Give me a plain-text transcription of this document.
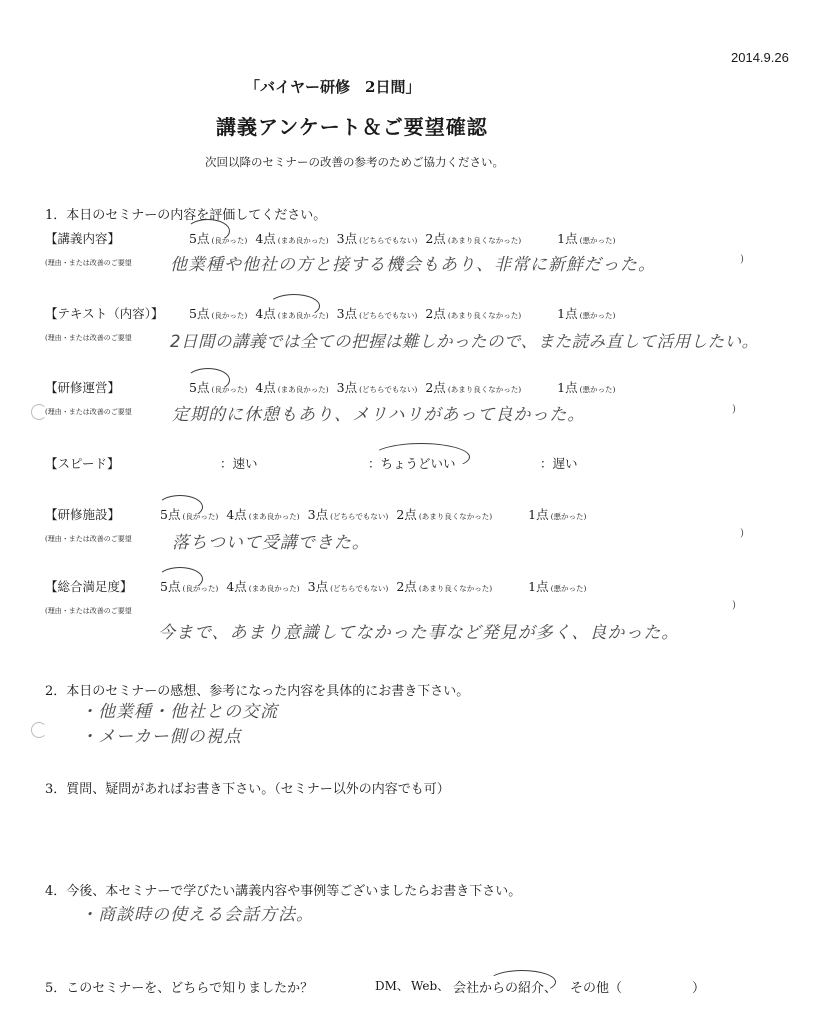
2014.9.26
「バイヤー研修　2日間」
講義アンケート＆ご要望確認
次回以降のセミナーの改善の参考のためご協力ください。
1．本日のセミナーの内容を評価してください。
【講義内容】	5点 (良かった) 4点 (まあ良かった) 3点 (どちらでもない) 2点 (あまり良くなかった)	1点 (悪かった)
(理由・または改善のご要望 他業種や他社の方と接する機会もあり、非常に新鮮だった。	)
【テキスト（内容）】 5点 (良かった) 4点 (まあ良かった) 3点 (どちらでもない) 2点 (あまり良くなかった)	1点 (悪かった)
(理由・または改善のご要望 2日間の講義では全ての把握は難しかったので、また読み直して活用したい。
【研修運営】	5点 (良かった) 4点 (まあ良かった) 3点 (どちらでもない) 2点 (あまり良くなかった)	1点 (悪かった)
(理由・または改善のご要望 定期的に休憩もあり、メリハリがあって良かった。	)
【スピード】	：速い	：ちょうどいい	：遅い
【研修施設】	5点 (良かった) 4点 (まあ良かった) 3点 (どちらでもない) 2点 (あまり良くなかった)	1点 (悪かった)
(理由・または改善のご要望 落ちついて受講できた。	)
【総合満足度】 5点 (良かった) 4点 (まあ良かった) 3点 (どちらでもない) 2点 (あまり良くなかった)	1点 (悪かった)
(理由・または改善のご要望
今まで、あまり意識してなかった事など発見が多く、良かった。
)
2．本日のセミナーの感想、参考になった内容を具体的にお書き下さい。
・他業種・他社との交流
・メーカー側の視点
3．質問、疑問があればお書き下さい。（セミナー以外の内容でも可）
4．今後、本セミナーで学びたい講義内容や事例等ございましたらお書き下さい。
・商談時の使える会話方法。
5．このセミナーを、どちらで知りましたか？	DM、 Web、 会社からの紹介、 その他（	）
